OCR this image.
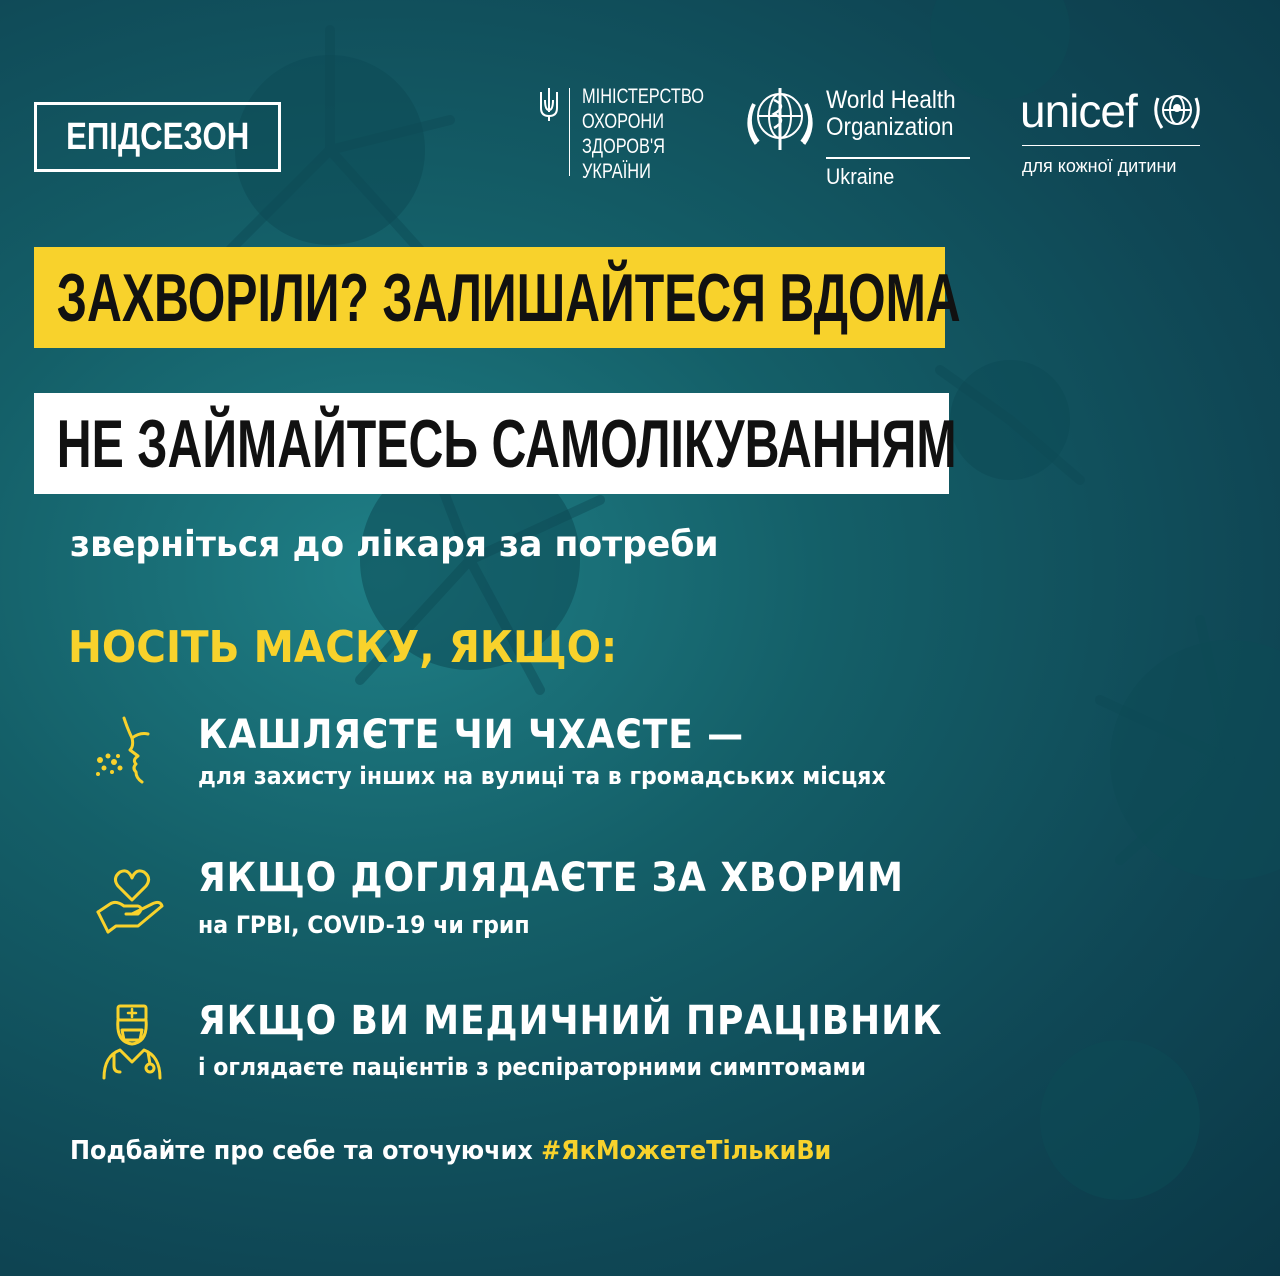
ЕПІДСЕЗОН
МІНІСТЕРСТВО
ОХОРОНИ
ЗДОРОВ'Я
УКРАЇНИ
World Health
Organization
Ukraine
unicef
для кожної дитини
ЗАХВОРІЛИ? ЗАЛИШАЙТЕСЯ ВДОМА
НЕ ЗАЙМАЙТЕСЬ САМОЛІКУВАННЯМ
зверніться до лікаря за потреби
НОСІТЬ МАСКУ, ЯКЩО:
КАШЛЯЄТЕ ЧИ ЧХАЄТЕ —
для захисту інших на вулиці та в громадських місцях
ЯКЩО ДОГЛЯДАЄТЕ ЗА ХВОРИМ
на ГРВІ, COVID-19 чи грип
ЯКЩО ВИ МЕДИЧНИЙ ПРАЦІВНИК
і оглядаєте пацієнтів з респіраторними симптомами
Подбайте про себе та оточуючих #ЯкМожетеТількиВи
